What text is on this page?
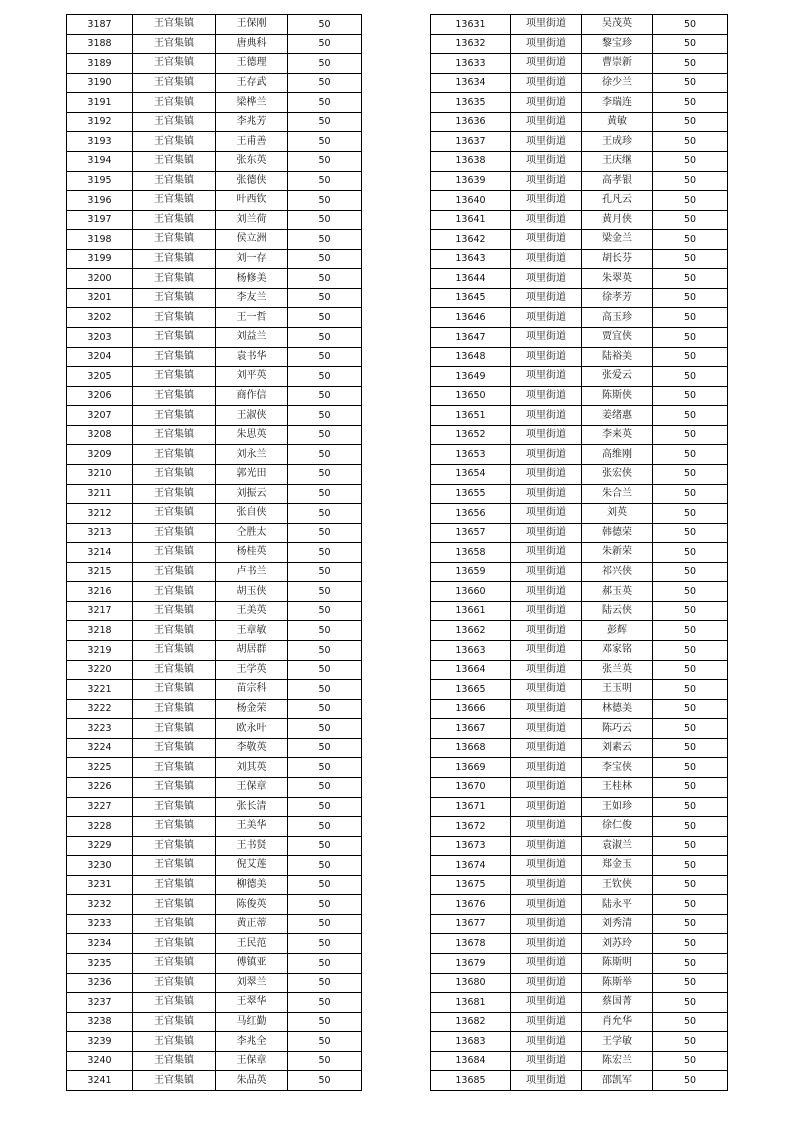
3187	王官集镇	王保刚	50
3188	王官集镇	唐典科	50
3189	王官集镇	王德理	50
3190	王官集镇	王存武	50
3191	王官集镇	梁桦兰	50
3192	王官集镇	李兆芳	50
3193	王官集镇	王甫善	50
3194	王官集镇	张东英	50
3195	王官集镇	张德侠	50
3196	王官集镇	叶西钦	50
3197	王官集镇	刘兰荷	50
3198	王官集镇	侯立洲	50
3199	王官集镇	刘一存	50
3200	王官集镇	杨修美	50
3201	王官集镇	李友兰	50
3202	王官集镇	王一哲	50
3203	王官集镇	刘益兰	50
3204	王官集镇	袁书华	50
3205	王官集镇	刘平英	50
3206	王官集镇	商作信	50
3207	王官集镇	王淑侠	50
3208	王官集镇	朱思英	50
3209	王官集镇	刘永兰	50
3210	王官集镇	郭光田	50
3211	王官集镇	刘振云	50
3212	王官集镇	张自侠	50
3213	王官集镇	仝胜太	50
3214	王官集镇	杨桂英	50
3215	王官集镇	卢书兰	50
3216	王官集镇	胡玉侠	50
3217	王官集镇	王美英	50
3218	王官集镇	王章敏	50
3219	王官集镇	胡居群	50
3220	王官集镇	王学英	50
3221	王官集镇	苗宗科	50
3222	王官集镇	杨金荣	50
3223	王官集镇	欧永叶	50
3224	王官集镇	李敬英	50
3225	王官集镇	刘其英	50
3226	王官集镇	王保章	50
3227	王官集镇	张长清	50
3228	王官集镇	王美华	50
3229	王官集镇	王书贤	50
3230	王官集镇	倪艾莲	50
3231	王官集镇	柳德美	50
3232	王官集镇	陈俊英	50
3233	王官集镇	黄正蒂	50
3234	王官集镇	王民范	50
3235	王官集镇	傅镇亚	50
3236	王官集镇	刘翠兰	50
3237	王官集镇	王翠华	50
3238	王官集镇	马红勤	50
3239	王官集镇	李兆全	50
3240	王官集镇	王保章	50
3241	王官集镇	朱品英	50
13631	项里街道	吴茂英	50
13632	项里街道	黎宝珍	50
13633	项里街道	曹崇新	50
13634	项里街道	徐少兰	50
13635	项里街道	李瑞连	50
13636	项里街道	黄敏	50
13637	项里街道	王成珍	50
13638	项里街道	王庆继	50
13639	项里街道	高孝银	50
13640	项里街道	孔凡云	50
13641	项里街道	黄月侠	50
13642	项里街道	梁金兰	50
13643	项里街道	胡长芬	50
13644	项里街道	朱翠英	50
13645	项里街道	徐孝芳	50
13646	项里街道	高玉珍	50
13647	项里街道	贾宜侠	50
13648	项里街道	陆裕美	50
13649	项里街道	张爱云	50
13650	项里街道	陈斯侠	50
13651	项里街道	姜绪惠	50
13652	项里街道	李来英	50
13653	项里街道	高维刚	50
13654	项里街道	张宏侠	50
13655	项里街道	朱合兰	50
13656	项里街道	刘英	50
13657	项里街道	韩德荣	50
13658	项里街道	朱新荣	50
13659	项里街道	祁兴侠	50
13660	项里街道	郝玉英	50
13661	项里街道	陆云侠	50
13662	项里街道	彭辉	50
13663	项里街道	邓家铭	50
13664	项里街道	张兰英	50
13665	项里街道	王玉明	50
13666	项里街道	林德美	50
13667	项里街道	陈巧云	50
13668	项里街道	刘素云	50
13669	项里街道	李宝侠	50
13670	项里街道	王桂林	50
13671	项里街道	王如珍	50
13672	项里街道	徐仁俊	50
13673	项里街道	袁淑兰	50
13674	项里街道	郑金玉	50
13675	项里街道	王钦侠	50
13676	项里街道	陆永平	50
13677	项里街道	刘秀清	50
13678	项里街道	刘苏玲	50
13679	项里街道	陈斯明	50
13680	项里街道	陈斯举	50
13681	项里街道	蔡国菁	50
13682	项里街道	肖允华	50
13683	项里街道	王学敏	50
13684	项里街道	陈宏兰	50
13685	项里街道	邵凯军	50
